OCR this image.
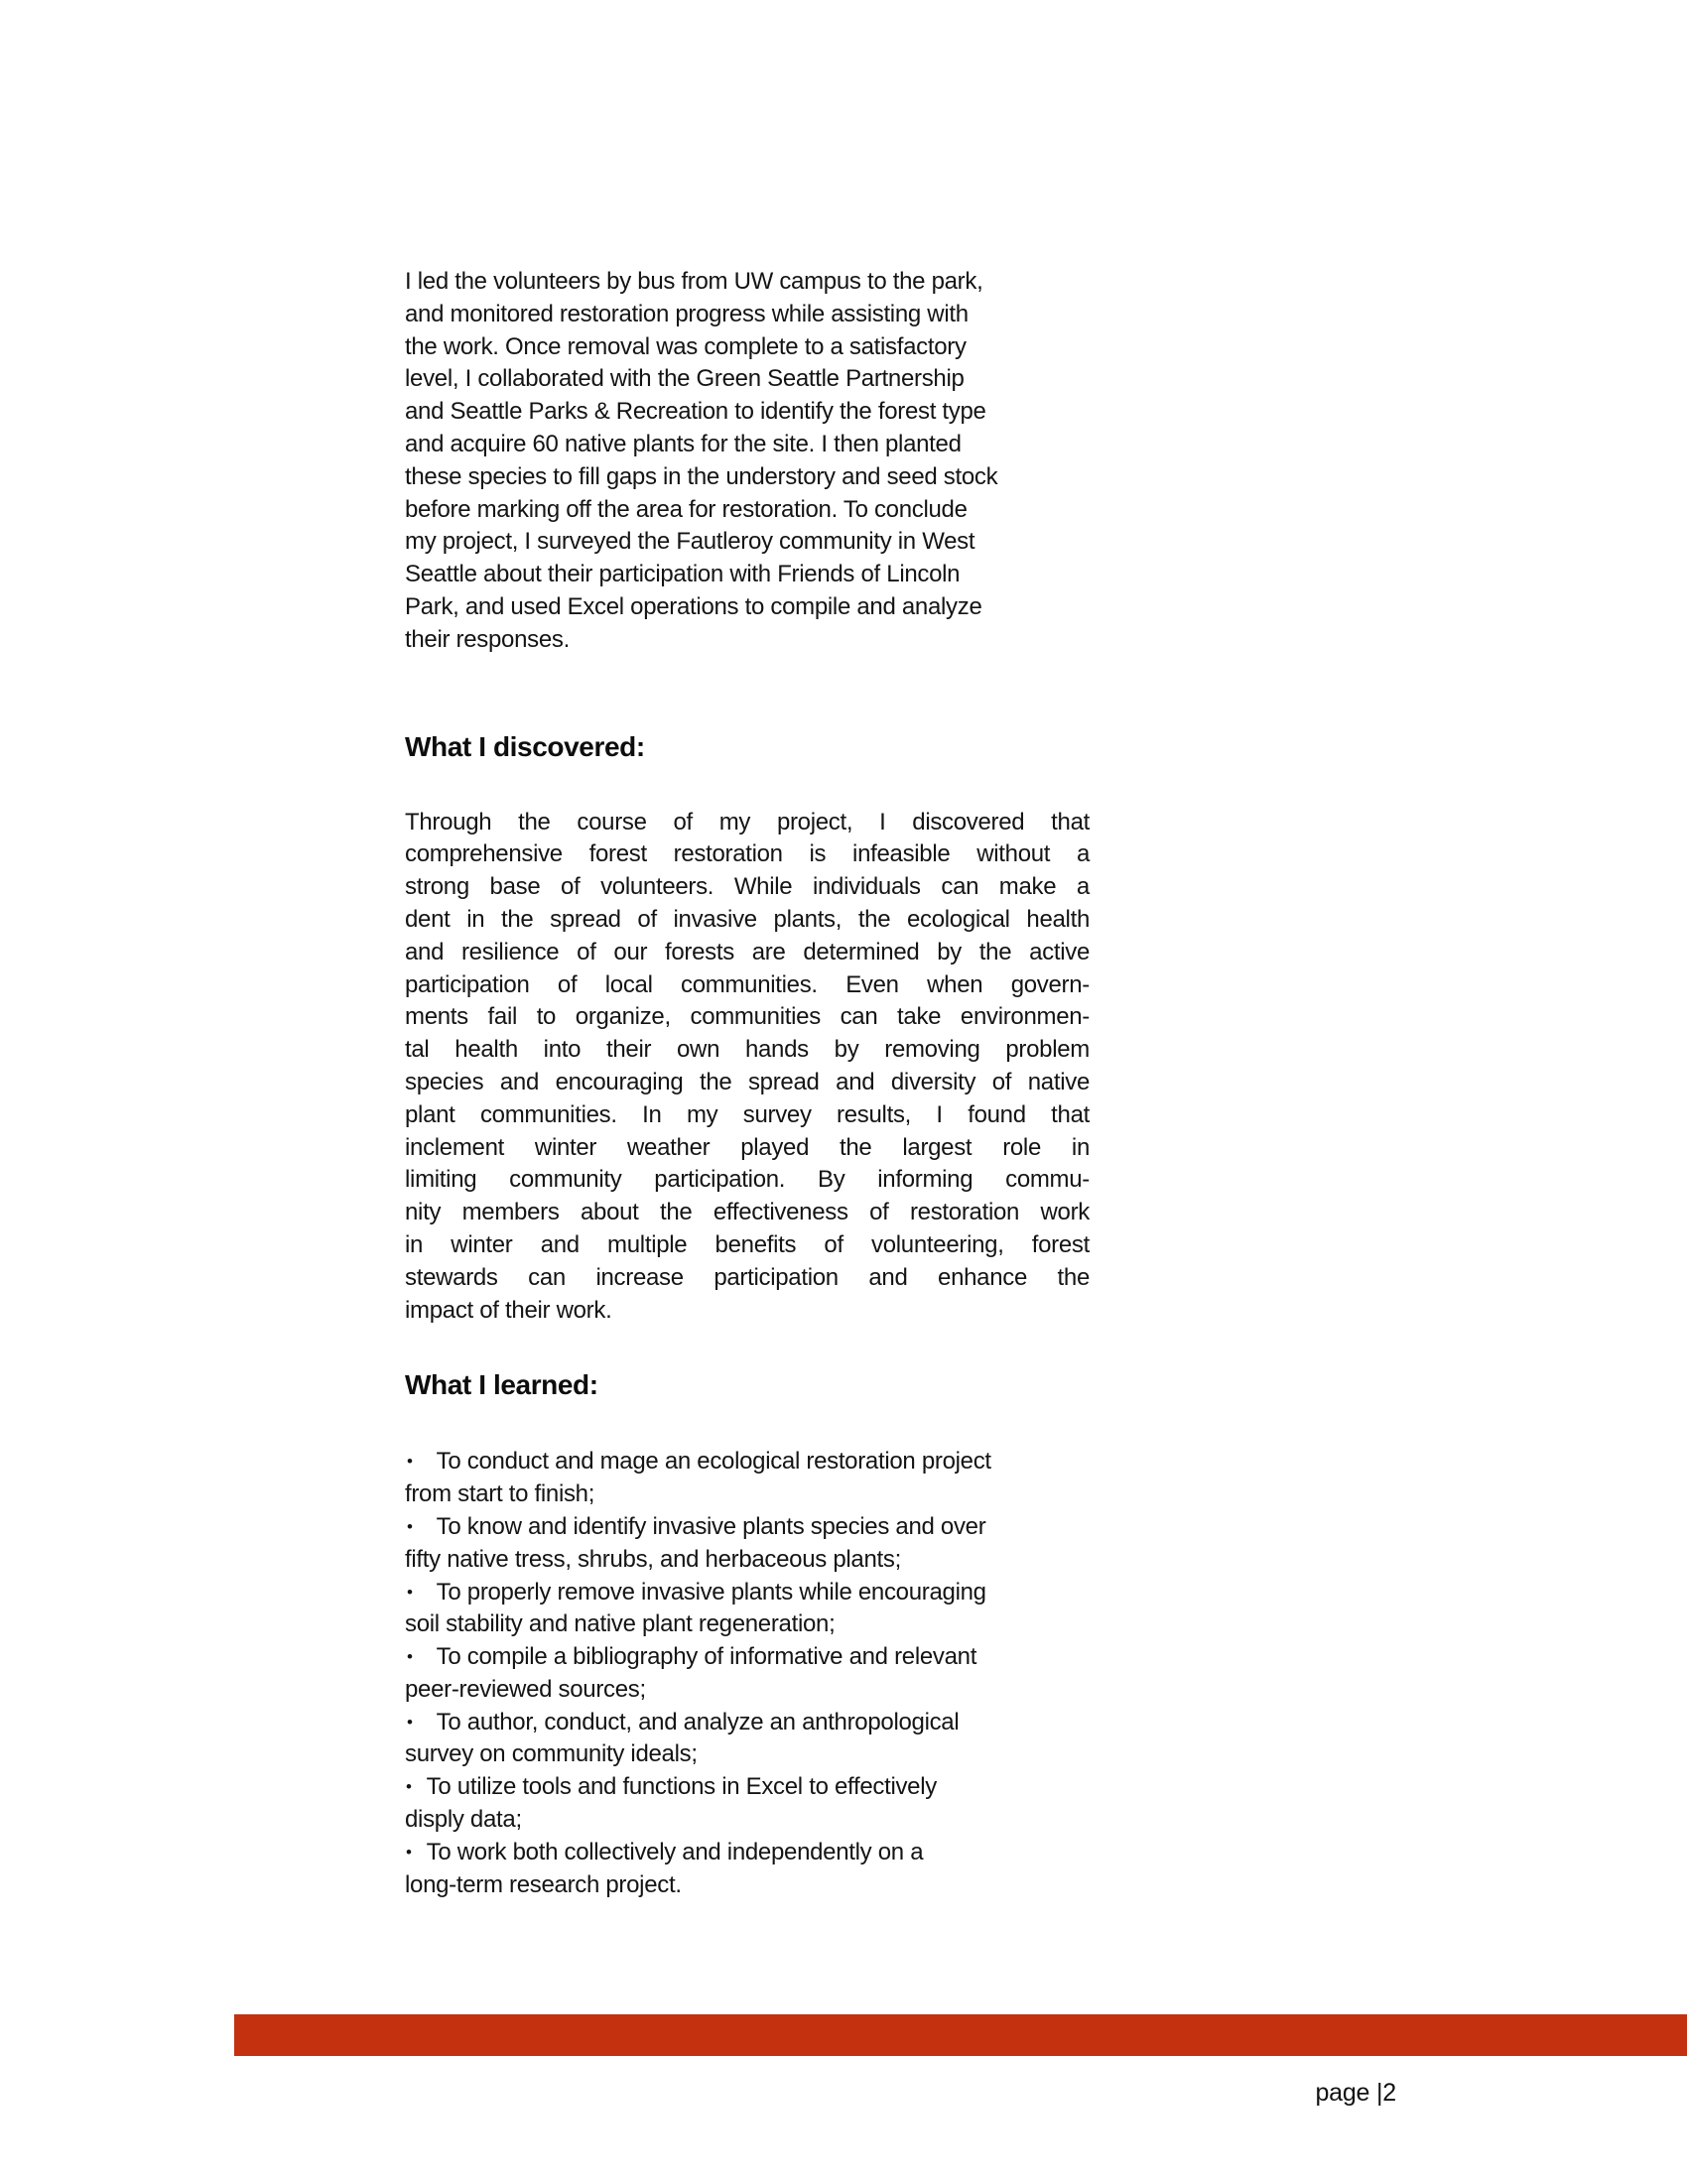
I led the volunteers by bus from UW campus to the park,
and monitored restoration progress while assisting with
the work. Once removal was complete to a satisfactory
level, I collaborated with the Green Seattle Partnership
and Seattle Parks & Recreation to identify the forest type
and acquire 60 native plants for the site. I then planted
these species to fill gaps in the understory and seed stock
before marking off the area for restoration. To conclude
my project, I surveyed the Fautleroy community in West
Seattle about their participation with Friends of Lincoln
Park, and used Excel operations to compile and analyze
their responses.
What I discovered:
Through the course of my project, I discovered that
comprehensive forest restoration is infeasible without a
strong base of volunteers. While individuals can make a
dent in the spread of invasive plants, the ecological health
and resilience of our forests are determined by the active
participation of local communities. Even when govern-
ments fail to organize, communities can take environmen-
tal health into their own hands by removing problem
species and encouraging the spread and diversity of native
plant communities. In my survey results, I found that
inclement winter weather played the largest role in
limiting community participation. By informing commu-
nity members about the effectiveness of restoration work
in winter and multiple benefits of volunteering, forest
stewards can increase participation and enhance the
impact of their work.
What I learned:
• To conduct and mage an ecological restoration project
from start to finish;
• To know and identify invasive plants species and over
fifty native tress, shrubs, and herbaceous plants;
• To properly remove invasive plants while encouraging
soil stability and native plant regeneration;
• To compile a bibliography of informative and relevant
peer-reviewed sources;
• To author, conduct, and analyze an anthropological
survey on community ideals;
• To utilize tools and functions in Excel to effectively
disply data;
• To work both collectively and independently on a
long-term research project.
page |2
